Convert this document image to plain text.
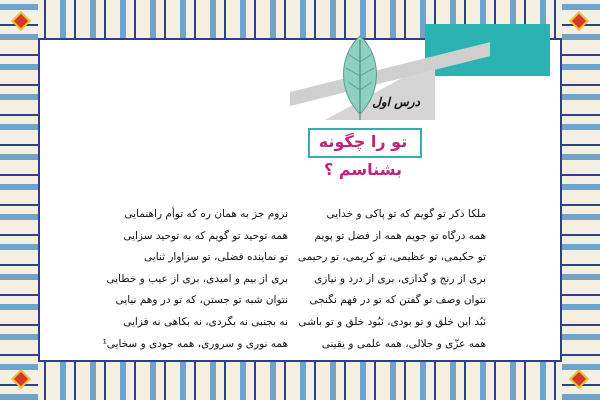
درس اول
تو را چگونه بشناسم ؟
ملکا ذکر تو گویم که تو پاکی و خدایی
همه درگاه تو جویم همه از فضل تو پویم
تو حکیمی، تو عظیمی، تو کریمی، تو رحیمی
بری از رنج و گدازی، بری از درد و نیازی
نتوان وصف تو گفتن که تو در فهم نگنجی
نَبُد این خلق و تو بودی، نَبُود خلق و تو باشی
همه عزّی و جلالی، همه علمی و یقینی
نروم جز به همان ره که توأم راهنمایی
همه توحید تو گویم که به توحید سزایی
تو نماینده فضلی، تو سزاوار ثنایی
بری از بیم و امیدی، بری از عیب و خطایی
نتوان شبه تو جستن، که تو در وهم نیایی
نه بجنبی نه بگردی، نه بکاهی نه فزایی
همه نوری و سروری، همه جودی و سخایی¹
